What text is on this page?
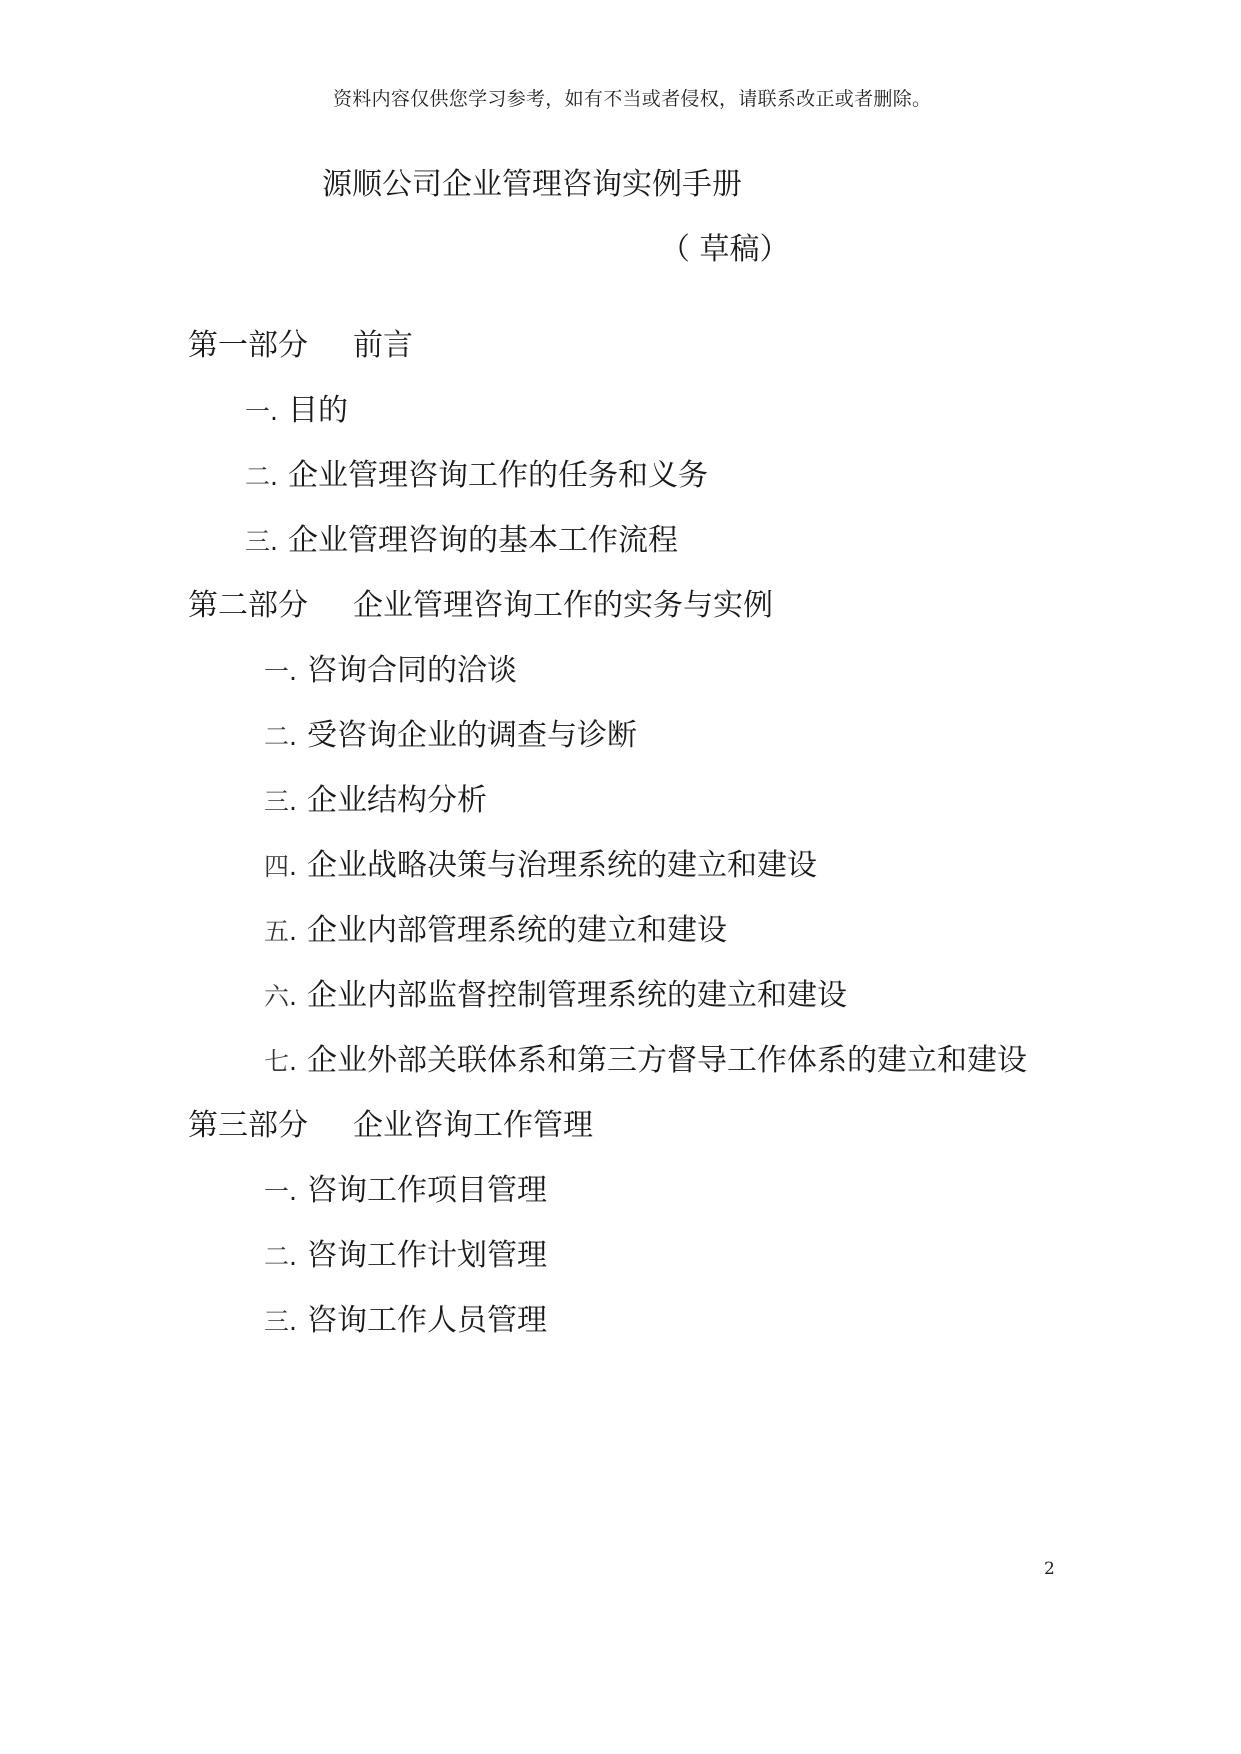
资料内容仅供您学习参考，如有不当或者侵权，请联系改正或者删除。
源顺公司企业管理咨询实例手册
（ 草稿）
第一部分 前言
一. 目的
二. 企业管理咨询工作的任务和义务
三. 企业管理咨询的基本工作流程
第二部分 企业管理咨询工作的实务与实例
一. 咨询合同的洽谈
二. 受咨询企业的调查与诊断
三. 企业结构分析
四. 企业战略决策与治理系统的建立和建设
五. 企业内部管理系统的建立和建设
六. 企业内部监督控制管理系统的建立和建设
七. 企业外部关联体系和第三方督导工作体系的建立和建设
第三部分 企业咨询工作管理
一. 咨询工作项目管理
二. 咨询工作计划管理
三. 咨询工作人员管理
2
